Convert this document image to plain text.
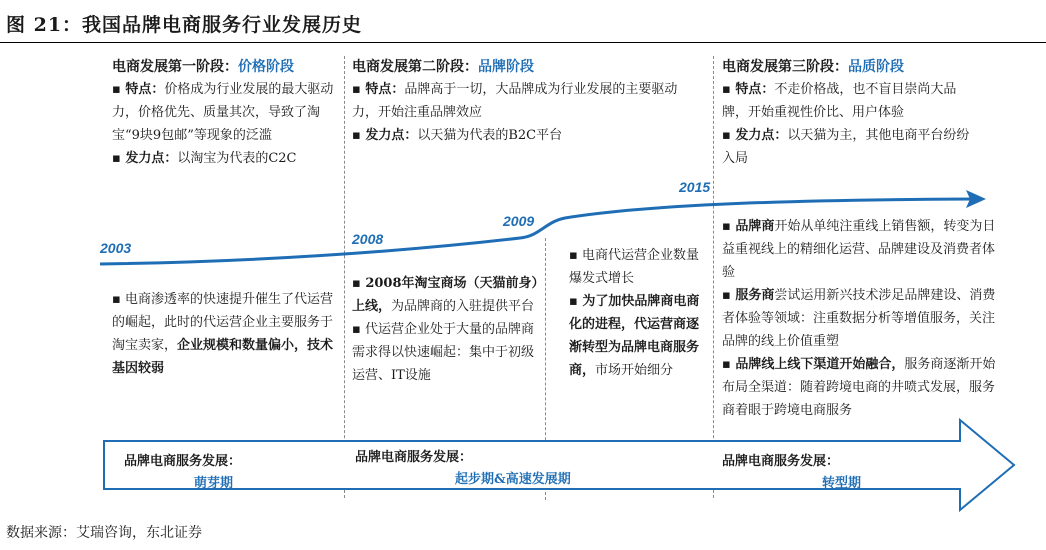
图 21：我国品牌电商服务行业发展历史
电商发展第一阶段：价格阶段

▪ 特点：价格成为行业发展的最大驱动力，价格优先、质量其次，导致了淘宝“9块9包邮”等现象的泛滥

▪ 发力点：以淘宝为代表的C2C

电商发展第二阶段：品牌阶段

▪ 特点：品牌高于一切，大品牌成为行业发展的主要驱动力，开始注重品牌效应

▪ 发力点：以天猫为代表的B2C平台

电商发展第三阶段：品质阶段

▪ 特点：不走价格战，也不盲目崇尚大品牌，开始重视性价比、用户体验

▪ 发力点：以天猫为主，其他电商平台纷纷入局

2003
2008
2009
2015

▪ 电商渗透率的快速提升催生了代运营的崛起，此时的代运营企业主要服务于淘宝卖家，企业规模和数量偏小，技术基因较弱

▪ 2008年淘宝商场（天猫前身）上线，为品牌商的入驻提供平台

▪ 代运营企业处于大量的品牌商需求得以快速崛起：集中于初级运营、IT设施

▪ 电商代运营企业数量爆发式增长

▪ 为了加快品牌商电商化的进程，代运营商逐渐转型为品牌电商服务商，市场开始细分

▪ 品牌商开始从单纯注重线上销售额，转变为日益重视线上的精细化运营、品牌建设及消费者体验

▪ 服务商尝试运用新兴技术涉足品牌建设、消费者体验等领域：注重数据分析等增值服务，关注品牌的线上价值重塑

▪ 品牌线上线下渠道开始融合，服务商逐渐开始布局全渠道：随着跨境电商的井喷式发展，服务商着眼于跨境电商服务

品牌电商服务发展：
萌芽期
品牌电商服务发展：
起步期&高速发展期
品牌电商服务发展：
转型期
数据来源：艾瑞咨询，东北证券
